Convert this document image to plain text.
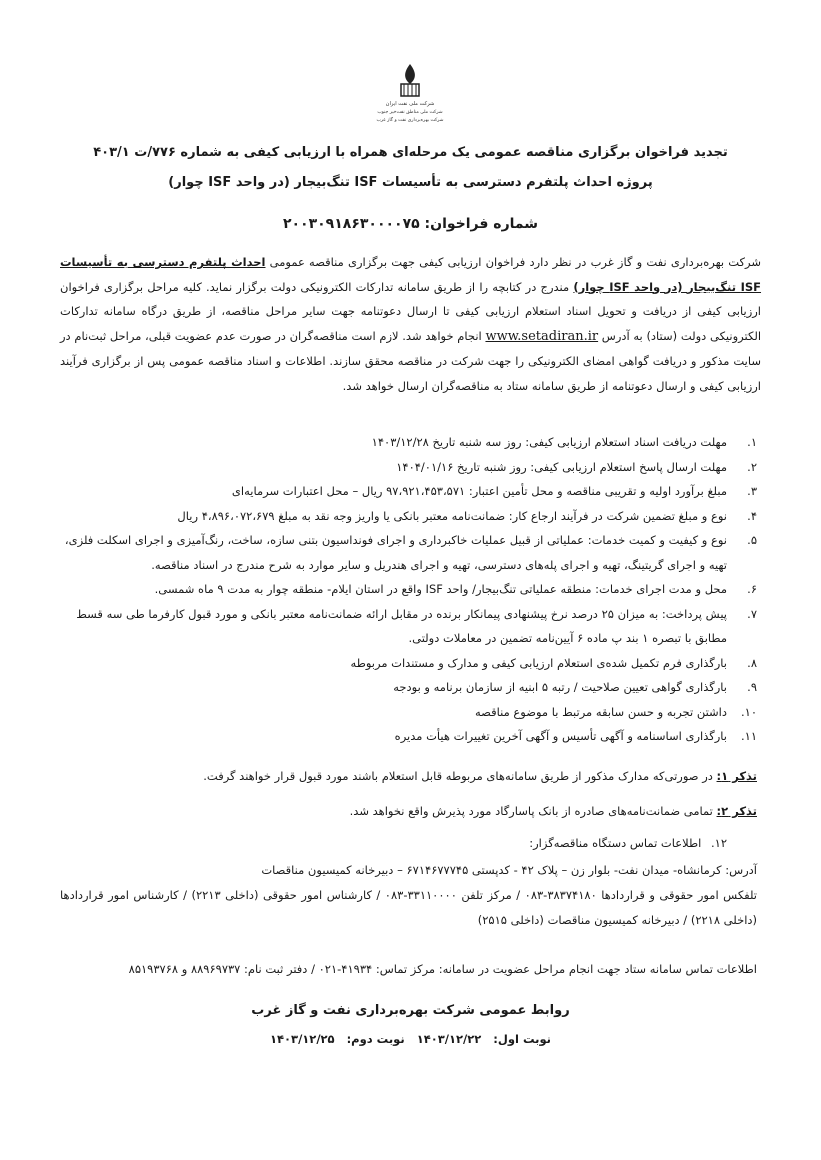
شرکت ملی نفت ایران
شرکت ملی مناطق نفت‌خیز جنوب
شرکت بهره‌برداری نفت و گاز غرب
تجدید فراخوان برگزاری مناقصه عمومی یک مرحله‌ای همراه با ارزیابی کیفی به شماره ۷۷۶/ت ۴۰۳/۱
پروژه احداث پلتفرم دسترسی به تأسیسات ISF تنگ‌بیجار (در واحد ISF چوار)
شماره فراخوان: ۲۰۰۳۰۹۱۸۶۳۰۰۰۰۷۵
شرکت بهره‌برداری نفت و گاز غرب در نظر دارد فراخوان ارزیابی کیفی جهت برگزاری مناقصه عمومی احداث پلتفرم دسترسی به تأسیسات ISF تنگ‌بیجار (در واحد ISF چوار) مندرج در کتابچه را از طریق سامانه تدارکات الکترونیکی دولت برگزار نماید. کلیه مراحل برگزاری فراخوان ارزیابی کیفی از دریافت و تحویل اسناد استعلام ارزیابی کیفی تا ارسال دعوتنامه جهت سایر مراحل مناقصه، از طریق درگاه سامانه تدارکات الکترونیکی دولت (ستاد) به آدرس www.setadiran.ir انجام خواهد شد. لازم است مناقصه‌گران در صورت عدم عضویت قبلی، مراحل ثبت‌نام در سایت مذکور و دریافت گواهی امضای الکترونیکی را جهت شرکت در مناقصه محقق سازند. اطلاعات و اسناد مناقصه عمومی پس از برگزاری فرآیند ارزیابی کیفی و ارسال دعوتنامه از طریق سامانه ستاد به مناقصه‌گران ارسال خواهد شد.
۱.
مهلت دریافت اسناد استعلام ارزیابی کیفی: روز سه شنبه تاریخ ۱۴۰۳/۱۲/۲۸
۲.
مهلت ارسال پاسخ استعلام ارزیابی کیفی: روز شنبه تاریخ ۱۴۰۴/۰۱/۱۶
۳.
مبلغ برآورد اولیه و تقریبی مناقصه و محل تأمین اعتبار: ۹۷،۹۲۱،۴۵۳،۵۷۱ ریال – محل اعتبارات سرمایه‌ای
۴.
نوع و مبلغ تضمین شرکت در فرآیند ارجاع کار: ضمانت‌نامه معتبر بانکی یا واریز وجه نقد به مبلغ ۴،۸۹۶،۰۷۲،۶۷۹ ریال
۵.
نوع و کیفیت و کمیت خدمات: عملیاتی از قبیل عملیات خاکبرداری و اجرای فونداسیون بتنی سازه، ساخت، رنگ‌آمیزی و اجرای اسکلت فلزی، تهیه و اجرای گریتینگ، تهیه و اجرای پله‌های دسترسی، تهیه و اجرای هندریل و سایر موارد به شرح مندرج در اسناد مناقصه.
۶.
محل و مدت اجرای خدمات: منطقه عملیاتی تنگ‌بیجار/ واحد ISF واقع در استان ایلام- منطقه چوار به مدت ۹ ماه شمسی.
۷.
پیش پرداخت: به میزان ۲۵ درصد نرخ پیشنهادی پیمانکار برنده در مقابل ارائه ضمانت‌نامه معتبر بانکی و مورد قبول کارفرما طی سه قسط مطابق با تبصره ۱ بند پ ماده ۶ آیین‌نامه تضمین در معاملات دولتی.
۸.
بارگذاری فرم تکمیل شده‌ی استعلام ارزیابی کیفی و مدارک و مستندات مربوطه
۹.
بارگذاری گواهی تعیین صلاحیت / رتبه ۵ ابنیه از سازمان برنامه و بودجه
۱۰.
داشتن تجربه و حسن سابقه مرتبط با موضوع مناقصه
۱۱.
بارگذاری اساسنامه و آگهی تأسیس و آگهی آخرین تغییرات هیأت مدیره
تذکر ۱: در صورتی‌که مدارک مذکور از طریق سامانه‌های مربوطه قابل استعلام باشند مورد قبول قرار خواهند گرفت.
تذکر ۲: تمامی ضمانت‌نامه‌های صادره از بانک پاسارگاد مورد پذیرش واقع نخواهد شد.
۱۲. اطلاعات تماس دستگاه مناقصه‌گزار:
آدرس: کرمانشاه- میدان نفت- بلوار زن – پلاک ۴۲ - کدپستی ۶۷۱۴۶۷۷۷۴۵ – دبیرخانه کمیسیون مناقصات
تلفکس امور حقوقی و قراردادها ۳۸۳۷۴۱۸۰-۰۸۳ / مرکز تلفن ۳۳۱۱۰۰۰۰-۰۸۳ / کارشناس امور حقوقی (داخلی ۲۲۱۳) / کارشناس امور قراردادها (داخلی ۲۲۱۸) / دبیرخانه کمیسیون مناقصات (داخلی ۲۵۱۵)
اطلاعات تماس سامانه ستاد جهت انجام مراحل عضویت در سامانه: مرکز تماس: ۴۱۹۳۴-۰۲۱ / دفتر ثبت نام: ۸۸۹۶۹۷۳۷ و ۸۵۱۹۳۷۶۸
روابط عمومی شرکت بهره‌برداری نفت و گاز غرب
نوبت اول: ۱۴۰۳/۱۲/۲۲ نوبت دوم: ۱۴۰۳/۱۲/۲۵
